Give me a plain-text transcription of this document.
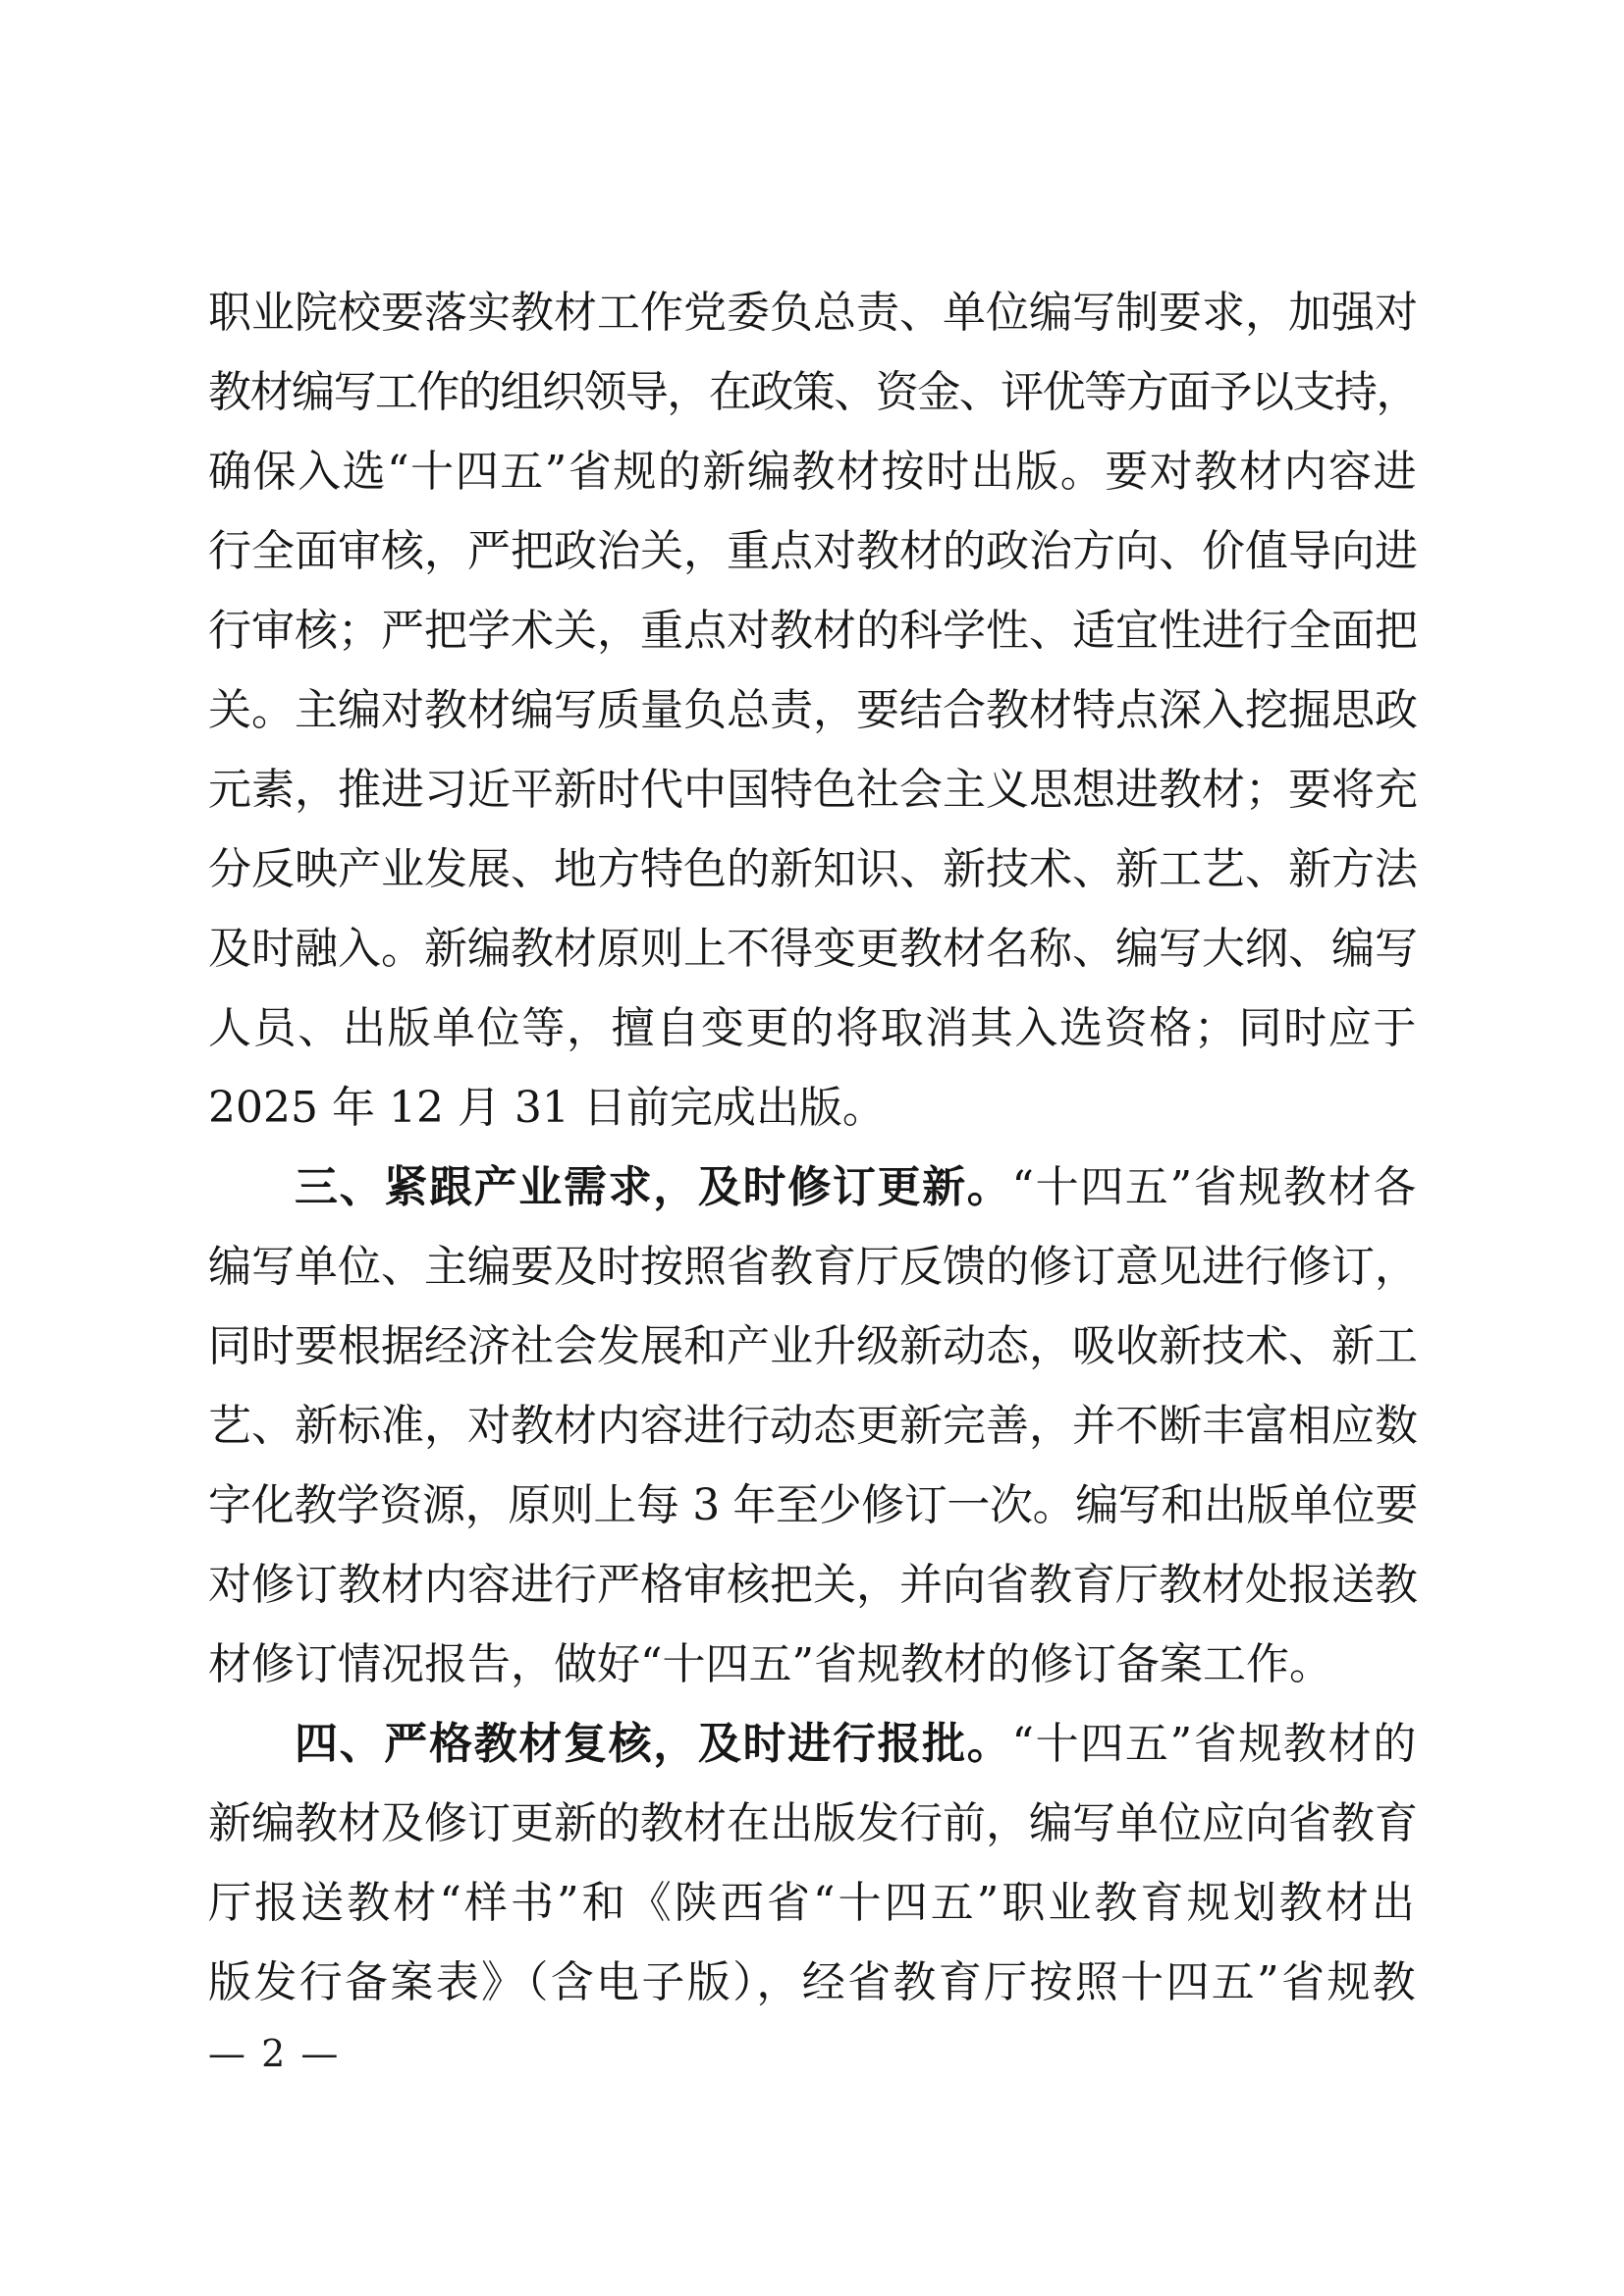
职业院校要落实教材工作党委负总责、单位编写制要求，加强对
教材编写工作的组织领导，在政策、资金、评优等方面予以支持，
确保入选“十四五”省规的新编教材按时出版。要对教材内容进
行全面审核，严把政治关，重点对教材的政治方向、价值导向进
行审核；严把学术关，重点对教材的科学性、适宜性进行全面把
关。主编对教材编写质量负总责，要结合教材特点深入挖掘思政
元素，推进习近平新时代中国特色社会主义思想进教材；要将充
分反映产业发展、地方特色的新知识、新技术、新工艺、新方法
及时融入。新编教材原则上不得变更教材名称、编写大纲、编写
人员、出版单位等，擅自变更的将取消其入选资格；同时应于
2025 年 12 月 31 日前完成出版。
三、紧跟产业需求，及时修订更新。“十四五”省规教材各
编写单位、主编要及时按照省教育厅反馈的修订意见进行修订，
同时要根据经济社会发展和产业升级新动态，吸收新技术、新工
艺、新标准，对教材内容进行动态更新完善，并不断丰富相应数
字化教学资源，原则上每 3 年至少修订一次。编写和出版单位要
对修订教材内容进行严格审核把关，并向省教育厅教材处报送教
材修订情况报告，做好“十四五”省规教材的修订备案工作。
四、严格教材复核，及时进行报批。“十四五”省规教材的
新编教材及修订更新的教材在出版发行前，编写单位应向省教育
厅报送教材“样书”和《陕西省“十四五”职业教育规划教材出
版发行备案表》（含电子版），经省教育厅按照十四五”省规教
— 2 —
